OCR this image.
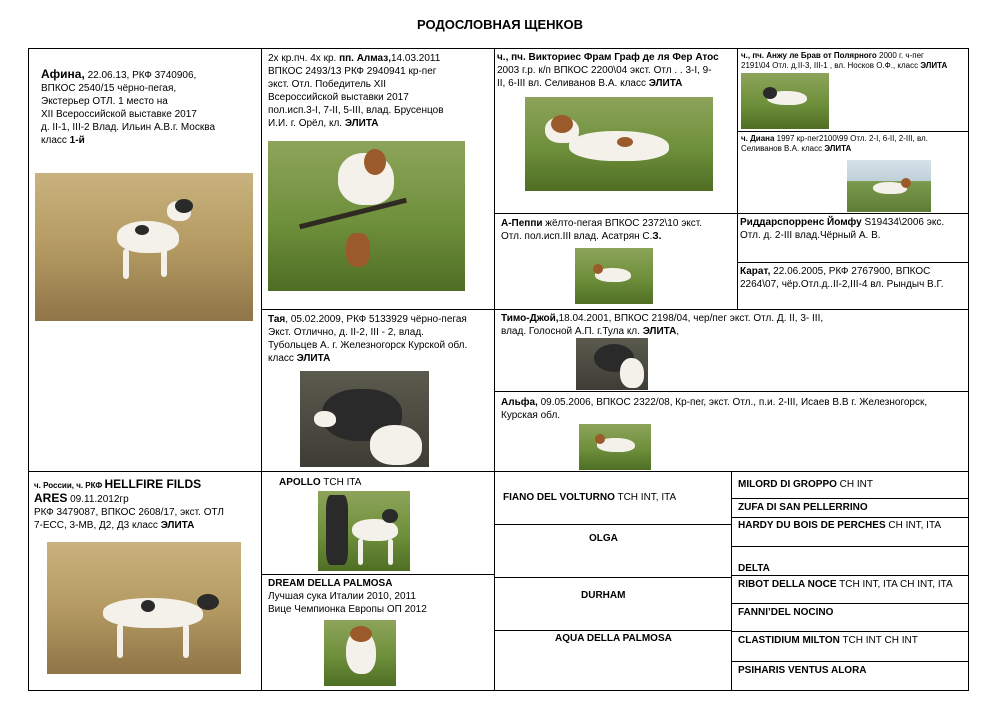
РОДОСЛОВНАЯ ЩЕНКОВ
Афина, 22.06.13, РКФ 3740906,
ВПКОС 2540/15 чёрно-пегая,
Экстерьер ОТЛ. 1 место на
XII Всероссийской выставке 2017
д. II-1, III-2 Влад. Ильин А.В.г. Москва
класс 1-й
2х кр.пч. 4х кр. пп. Алмаз,14.03.2011
ВПКОС 2493/13 РКФ 2940941 кр-пег
экст. Отл. Победитель XII
Всероссийской выставки 2017
пол.исп.3-I, 7-II, 5-III, влад. Брусенцов
И.И. г. Орёл, кл. ЭЛИТА
ч., пч. Викториес Фрам Граф де ля Фер Атос
2003 г.р. к/п ВПКОС 2200\04 экст. Отл . . 3-I, 9-
II, 6-III вл. Селиванов В.А. класс ЭЛИТА
ч., пч. Анжу ле Брав от Полярного 2000 г. ч-пег
2191\04 Отл. д.II-3, III-1 , вл. Носков О.Ф., класс ЭЛИТА
ч. Диана 1997 кр-пег2100\99 Отл. 2-I, 6-II, 2-III, вл.
Селиванов В.А. класс ЭЛИТА
А-Пеппи жёлто-пегая ВПКОС 2372\10 экст.
Отл. пол.исп.III влад. Асатрян С.З.
Риддарспорренс Йомфу S19434\2006 экс.
Отл. д. 2-III влад.Чёрный А. В.
Карат, 22.06.2005, РКФ 2767900, ВПКОС
2264\07, чёр.Отл.д..II-2,III-4 вл. Рындыч В.Г.
Тая, 05.02.2009, РКФ 5133929 чёрно-пегая
Экст. Отлично, д. II-2, III - 2, влад.
Тубольцев А. г. Железногорск Курской обл.
класс ЭЛИТА
Тимо-Джой,18.04.2001, ВПКОС 2198/04, чер/пег экст. Отл. Д. II, 3- III,
влад. Голосной А.П. г.Тула кл. ЭЛИТА,
Альфа, 09.05.2006, ВПКОС 2322/08, Кр-пег, экст. Отл., п.и. 2-III, Исаев В.В г. Железногорск,
Курская обл.
ч. России, ч. РКФ HELLFIRE FILDS
ARES 09.11.2012гр
РКФ 3479087, ВПКОС 2608/17, экст. ОТЛ
7-ЕСС, 3-МВ, Д2, Д3 класс ЭЛИТА
APOLLO TCH ITA
DREAM DELLA PALMOSA
Лучшая сука Италии 2010, 2011
Вице Чемпионка Европы ОП 2012
FIANO DEL VOLTURNO TCH INT, ITA
OLGA
DURHAM
AQUA DELLA PALMOSA
MILORD DI GROPPO CH INT
ZUFA DI SAN PELLERRINO
HARDY DU BOIS DE PERCHES CH INT, ITA
DELTA
RIBOT DELLA NOCE TCH INT, ITA CH INT, ITA
FANNI’DEL NOCINO
CLASTIDIUM MILTON TCH INT CH INT
PSIHARIS VENTUS ALORA
